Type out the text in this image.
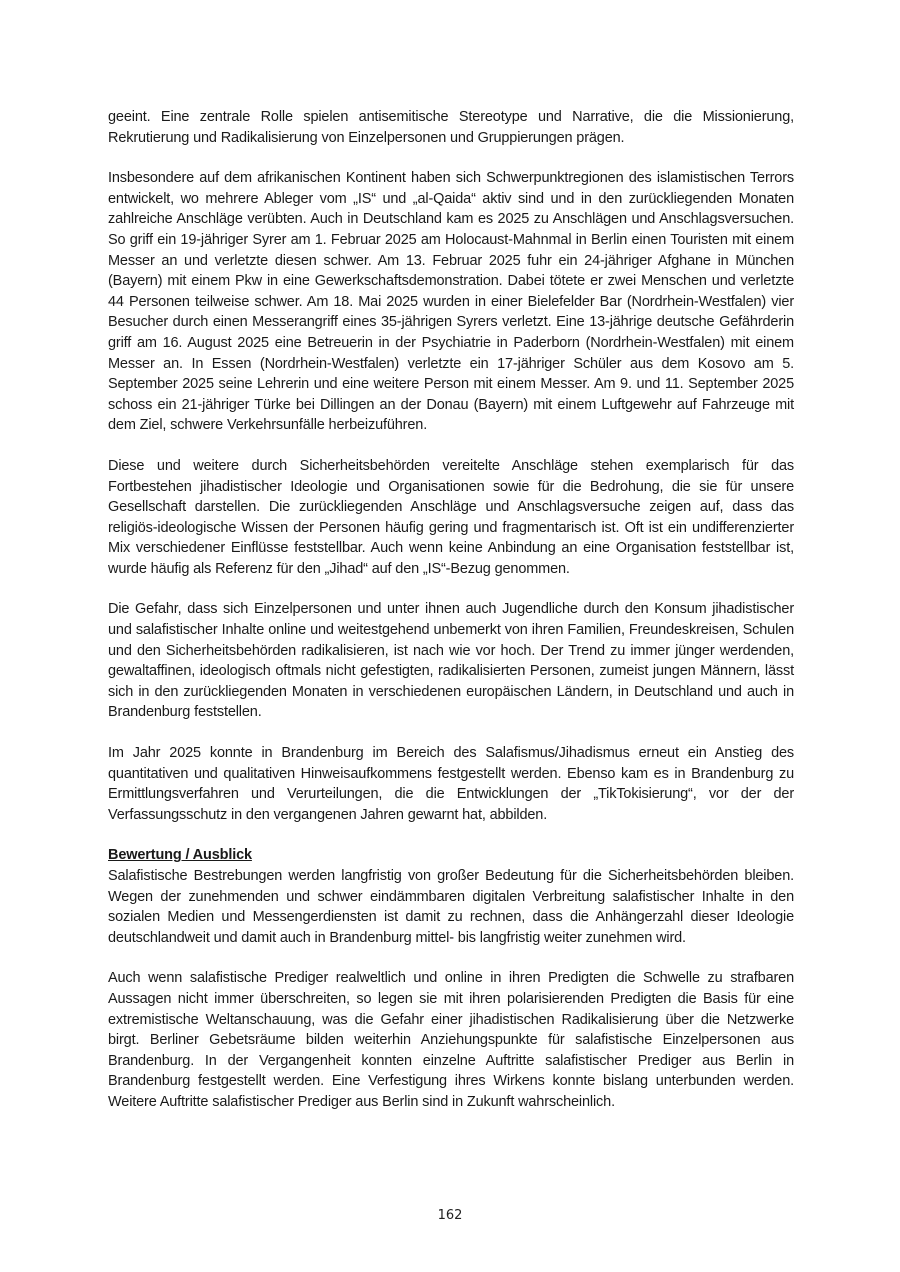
geeint. Eine zentrale Rolle spielen antisemitische Stereotype und Narrative, die die Missionierung, Rekrutierung und Radikalisierung von Einzelpersonen und Gruppierungen prägen.

Insbesondere auf dem afrikanischen Kontinent haben sich Schwerpunktregionen des islamistischen Terrors entwickelt, wo mehrere Ableger vom „IS“ und „al-Qaida“ aktiv sind und in den zurückliegenden Monaten zahlreiche Anschläge verübten. Auch in Deutschland kam es 2025 zu Anschlägen und Anschlagsversuchen. So griff ein 19-jähriger Syrer am 1. Februar 2025 am Holocaust-Mahnmal in Berlin einen Touristen mit einem Messer an und verletzte diesen schwer. Am 13. Februar 2025 fuhr ein 24-jähriger Afghane in München (Bayern) mit einem Pkw in eine Gewerkschaftsdemonstration. Dabei tötete er zwei Menschen und verletzte 44 Personen teilweise schwer. Am 18. Mai 2025 wurden in einer Bielefelder Bar (Nordrhein-Westfalen) vier Besucher durch einen Messerangriff eines 35-jährigen Syrers verletzt. Eine 13-jährige deutsche Gefährderin griff am 16. August 2025 eine Betreuerin in der Psychiatrie in Paderborn (Nordrhein-Westfalen) mit einem Messer an. In Essen (Nordrhein-Westfalen) verletzte ein 17-jähriger Schüler aus dem Kosovo am 5. September 2025 seine Lehrerin und eine weitere Person mit einem Messer. Am 9. und 11. September 2025 schoss ein 21-jähriger Türke bei Dillingen an der Donau (Bayern) mit einem Luftgewehr auf Fahrzeuge mit dem Ziel, schwere Verkehrsunfälle herbeizuführen.

Diese und weitere durch Sicherheitsbehörden vereitelte Anschläge stehen exemplarisch für das Fortbestehen jihadistischer Ideologie und Organisationen sowie für die Bedrohung, die sie für unsere Gesellschaft darstellen. Die zurückliegenden Anschläge und Anschlagsversuche zeigen auf, dass das religiös-ideologische Wissen der Personen häufig gering und fragmentarisch ist. Oft ist ein undifferenzierter Mix verschiedener Einflüsse feststellbar. Auch wenn keine Anbindung an eine Organisation feststellbar ist, wurde häufig als Referenz für den „Jihad“ auf den „IS“-Bezug genommen.

Die Gefahr, dass sich Einzelpersonen und unter ihnen auch Jugendliche durch den Konsum jihadistischer und salafistischer Inhalte online und weitestgehend unbemerkt von ihren Familien, Freundeskreisen, Schulen und den Sicherheitsbehörden radikalisieren, ist nach wie vor hoch. Der Trend zu immer jünger werdenden, gewaltaffinen, ideologisch oftmals nicht gefestigten, radikalisierten Personen, zumeist jungen Männern, lässt sich in den zurückliegenden Monaten in verschiedenen europäischen Ländern, in Deutschland und auch in Brandenburg feststellen.

Im Jahr 2025 konnte in Brandenburg im Bereich des Salafismus/Jihadismus erneut ein Anstieg des quantitativen und qualitativen Hinweisaufkommens festgestellt werden. Ebenso kam es in Brandenburg zu Ermittlungsverfahren und Verurteilungen, die die Entwicklungen der „TikTokisierung“, vor der der Verfassungsschutz in den vergangenen Jahren gewarnt hat, abbilden.

Bewertung / Ausblick

Salafistische Bestrebungen werden langfristig von großer Bedeutung für die Sicherheitsbehörden bleiben. Wegen der zunehmenden und schwer eindämmbaren digitalen Verbreitung salafistischer Inhalte in den sozialen Medien und Messengerdiensten ist damit zu rechnen, dass die Anhängerzahl dieser Ideologie deutschlandweit und damit auch in Brandenburg mittel- bis langfristig weiter zunehmen wird.

Auch wenn salafistische Prediger realweltlich und online in ihren Predigten die Schwelle zu strafbaren Aussagen nicht immer überschreiten, so legen sie mit ihren polarisierenden Predigten die Basis für eine extremistische Weltanschauung, was die Gefahr einer jihadistischen Radikalisierung über die Netzwerke birgt. Berliner Gebetsräume bilden weiterhin Anziehungspunkte für salafistische Einzelpersonen aus Brandenburg. In der Vergangenheit konnten einzelne Auftritte salafistischer Prediger aus Berlin in Brandenburg festgestellt werden. Eine Verfestigung ihres Wirkens konnte bislang unterbunden werden. Weitere Auftritte salafistischer Prediger aus Berlin sind in Zukunft wahrscheinlich.

162
